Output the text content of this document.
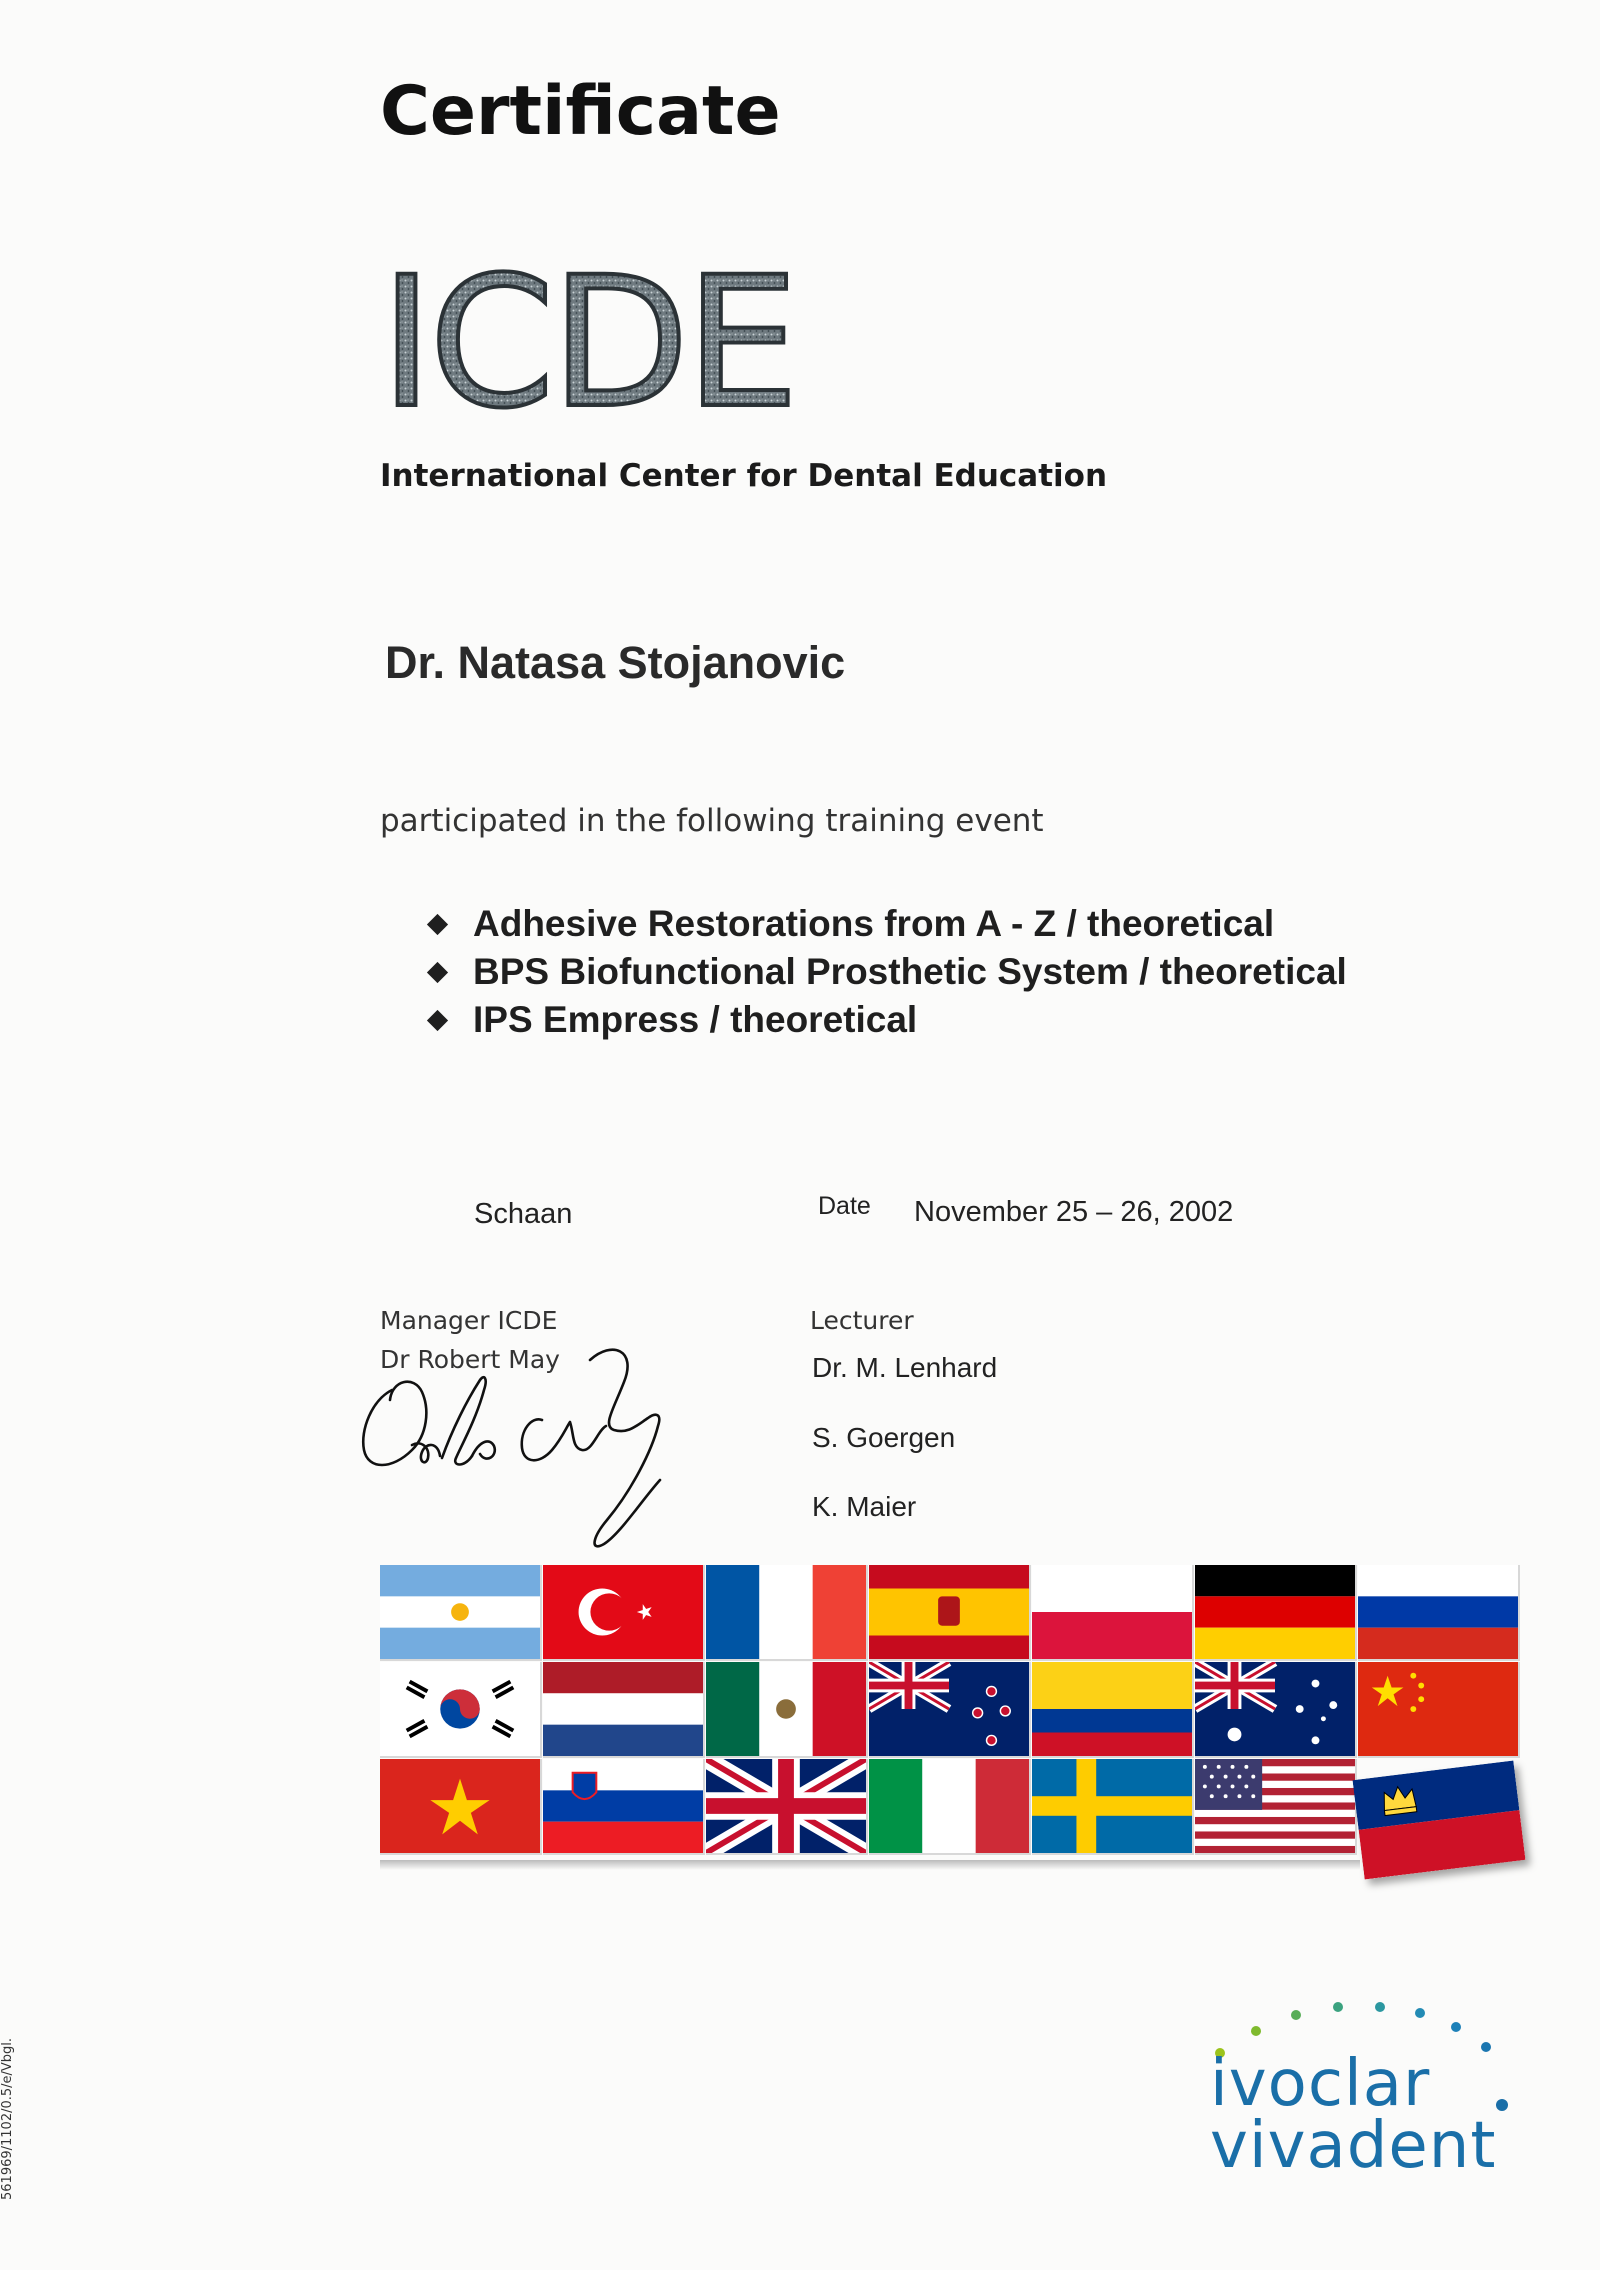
Certificate
ICDE
International Center for Dental Education
Dr. Natasa Stojanovic
participated in the following training event
Adhesive Restorations from A - Z / theoretical
BPS Biofunctional Prosthetic System / theoretical
IPS Empress / theoretical
Schaan	Date November 25 – 26, 2002
Manager ICDE
Dr Robert May
Lecturer
Dr. M. Lenhard
S. Goergen
K. Maier
ivoclar
vivadent
561969/1102/0.5/e/Vbgl.
